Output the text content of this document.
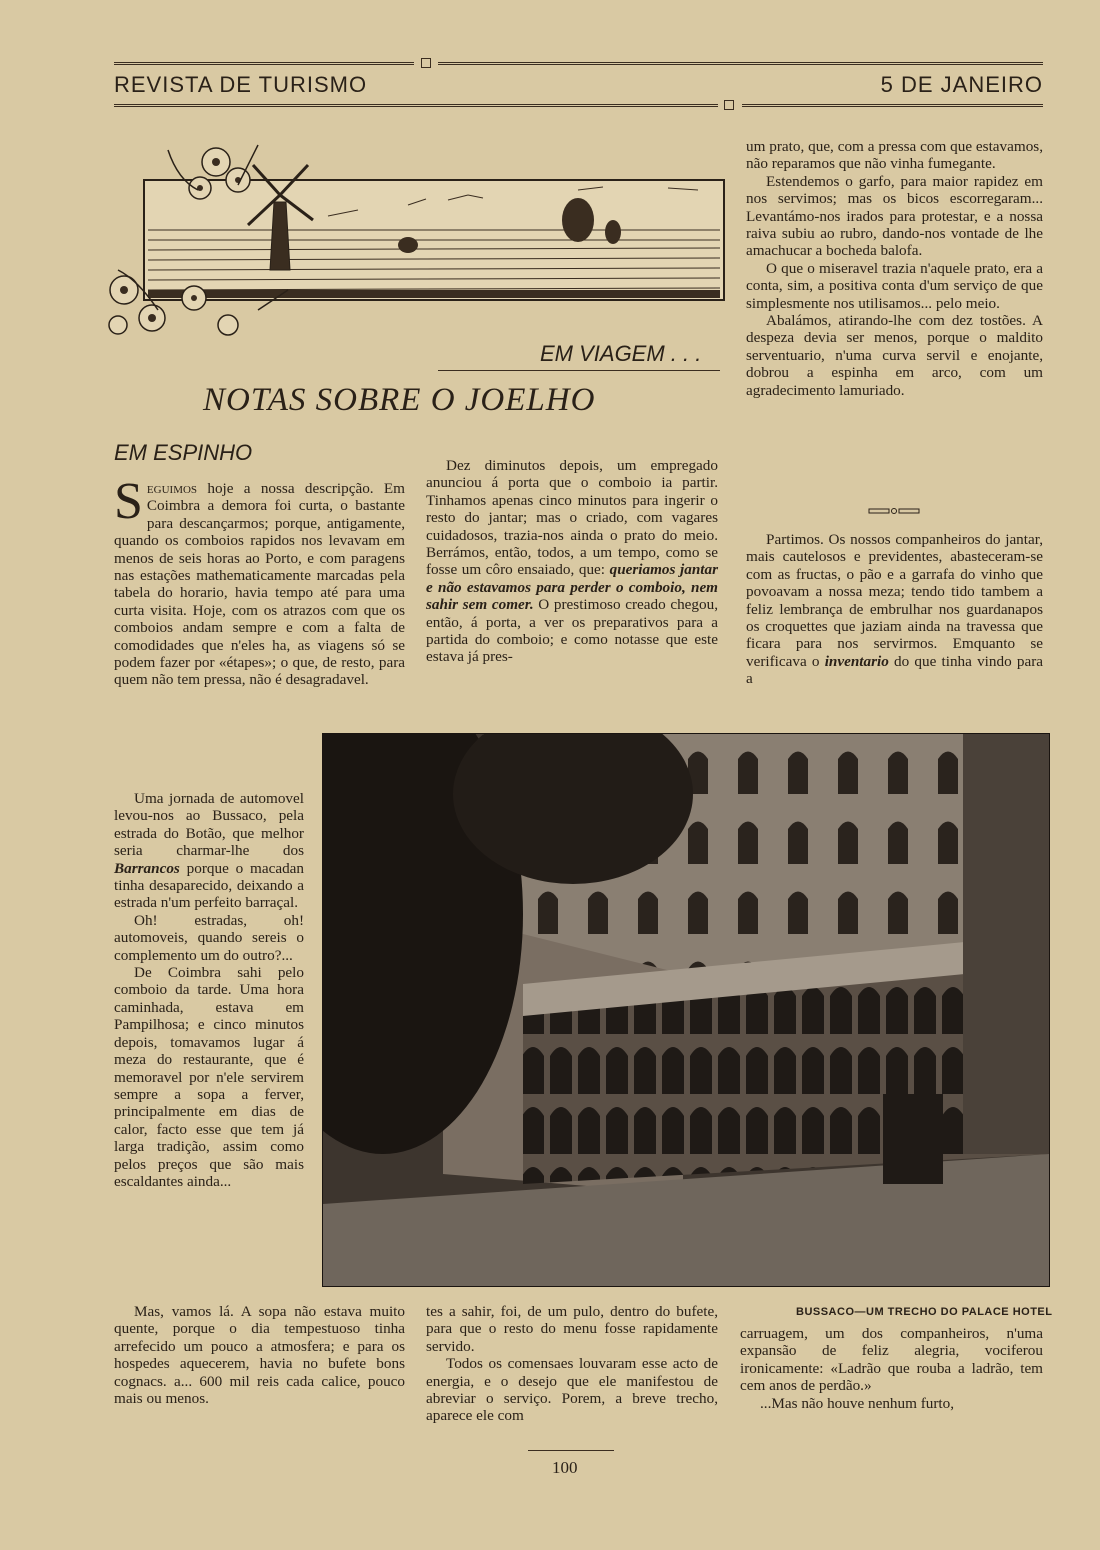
REVISTA DE TURISMO	5 DE JANEIRO
EM VIAGEM . . .
NOTAS SOBRE O JOELHO
EM ESPINHO

Seguimos hoje a nossa descripção. Em Coimbra a demora foi curta, o bastante para descançarmos; porque, antigamente, quando os comboios rapidos nos levavam em menos de seis horas ao Porto, e com paragens nas estações mathematicamente marcadas pela tabela do horario, havia tempo até para uma curta visita. Hoje, com os atrazos com que os comboios andam sempre e com a falta de comodidades que n'eles ha, as viagens só se podem fazer por «étapes»; o que, de resto, para quem não tem pressa, não é desagradavel.

Uma jornada de automovel levou-nos ao Bussaco, pela estrada do Botão, que melhor seria charmar-lhe dos Barrancos porque o macadan tinha desaparecido, deixando a estrada n'um perfeito barraçal.

Oh! estradas, oh! automoveis, quando sereis o complemento um do outro?...

De Coimbra sahi pelo comboio da tarde. Uma hora caminhada, estava em Pampilhosa; e cinco minutos depois, tomavamos lugar á meza do restaurante, que é memoravel por n'ele servirem sempre a sopa a ferver, principalmente em dias de calor, facto esse que tem já larga tradição, assim como pelos preços que são mais escaldantes ainda...

Mas, vamos lá. A sopa não estava muito quente, porque o dia tempestuoso tinha arrefecido um pouco a atmosfera; e para os hospedes aquecerem, havia no bufete bons cognacs. a... 600 mil reis cada calice, pouco mais ou menos.

Dez diminutos depois, um empregado anunciou á porta que o comboio ia partir. Tinhamos apenas cinco minutos para ingerir o resto do jantar; mas o criado, com vagares cuidadosos, trazia-nos ainda o prato do meio. Berrámos, então, todos, a um tempo, como se fosse um côro ensaiado, que: queriamos jantar e não estavamos para perder o comboio, nem sahir sem comer. O prestimoso creado chegou, então, á porta, a ver os preparativos para a partida do comboio; e como notasse que este estava já pres-

tes a sahir, foi, de um pulo, dentro do bufete, para que o resto do menu fosse rapidamente servido.

Todos os comensaes louvaram esse acto de energia, e o desejo que ele manifestou de abreviar o serviço. Porem, a breve trecho, aparece ele com

um prato, que, com a pressa com que estavamos, não reparamos que não vinha fumegante.

Estendemos o garfo, para maior rapidez em nos servimos; mas os bicos escorregaram... Levantámo-nos irados para protestar, e a nossa raiva subiu ao rubro, dando-nos vontade de lhe amachucar a bocheda balofa.

O que o miseravel trazia n'aquele prato, era a conta, sim, a positiva conta d'um serviço de que simplesmente nos utilisamos... pelo meio.

Abalámos, atirando-lhe com dez tostões. A despeza devia ser menos, porque o maldito serventuario, n'uma curva servil e enojante, dobrou a espinha em arco, com um agradecimento lamuriado.

Partimos. Os nossos companheiros do jantar, mais cautelosos e previdentes, abasteceram-se com as fructas, o pão e a garrafa do vinho que povoavam a nossa meza; tendo tido tambem a feliz lembrança de embrulhar nos guardanapos os croquettes que jaziam ainda na travessa que ficara para nos servirmos. Emquanto se verificava o inventario do que tinha vindo para a

carruagem, um dos companheiros, n'uma expansão de feliz alegria, vociferou ironicamente: «Ladrão que rouba a ladrão, tem cem anos de perdão.»

...Mas não houve nenhum furto,

BUSSACO—UM TRECHO DO PALACE HOTEL
100
